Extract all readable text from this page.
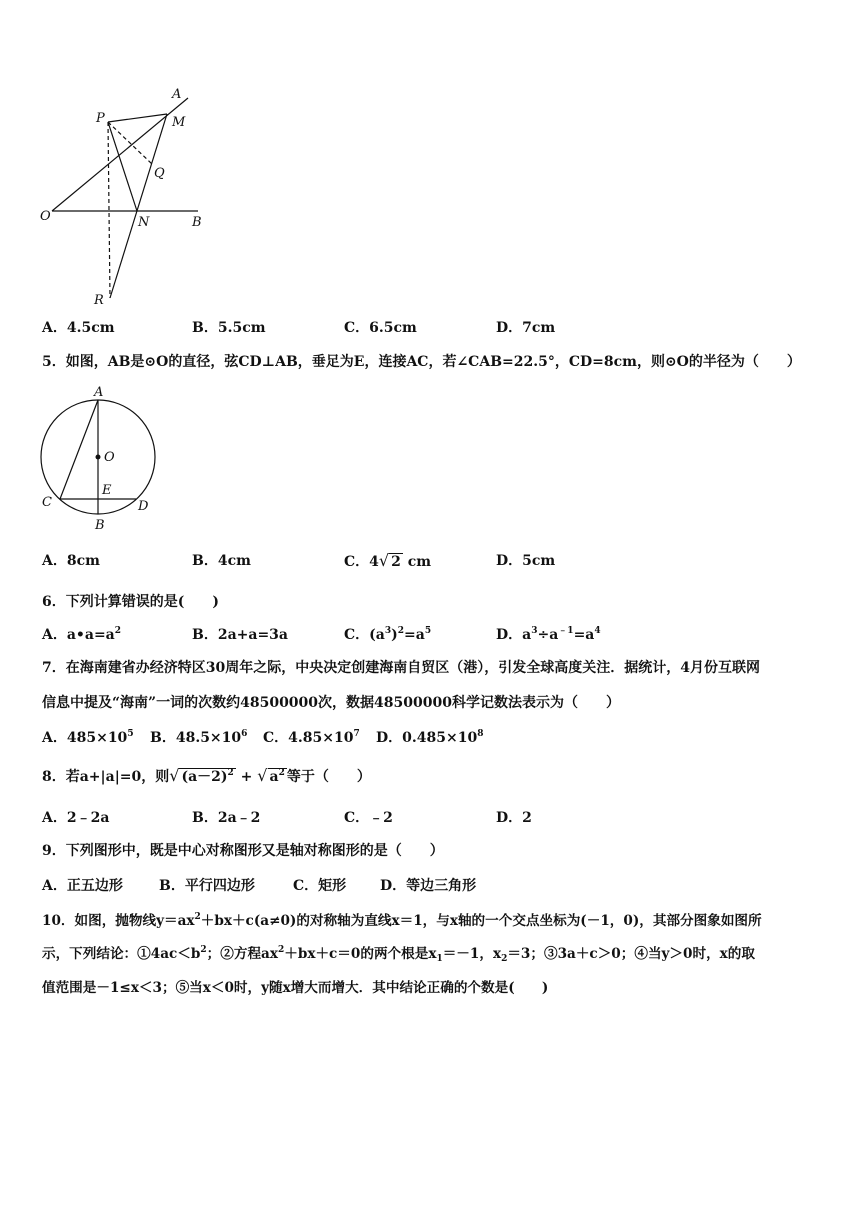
A
P	M
Q
O	N	B
R
A．4.5cm	B．5.5cm	C．6.5cm	D．7cm
5．如图，AB是⊙O的直径，弦CD⊥AB，垂足为E，连接AC，若∠CAB=22.5°，CD=8cm，则⊙O的半径为（　　）
A
O
E
C	D
B
A．8cm	B．4cm	C．4√ 2 cm	D．5cm
6．下列计算错误的是(　　)
A．$a•a=a^2$	B．2a+a=3a	C．$(a^3)^2=a^5$	D．$a^3\div a^{﹣1}=a^4$
7．在海南建省办经济特区30周年之际，中央决定创建海南自贸区（港），引发全球高度关注．据统计，4月份互联网
信息中提及“海南”一词的次数约48500000次，数据48500000科学记数法表示为（　　）
A．$485\times 10^5$ B．$48.5\times 10^6$ C．$4.85\times 10^7$ D．$0.485\times 10^8$
8．若a+|a|=0，则√ $(a-2)^2$ + √ $a^2$ 等于（　　）
A．2﹣2a	B．2a﹣2	C．﹣2	D．2
9．下列图形中，既是中心对称图形又是轴对称图形的是（　　）
A．正五边形	B．平行四边形	C．矩形 D．等边三角形
10．如图，抛物线$y=ax^2+bx+c(a\ne 0)$的对称轴为直线x＝1，与x轴的一个交点坐标为(－1，0)，其部分图象如图所
示，下列结论：$①4ac<b^2$；②方程$ax^2+bx+c=0$的两个根是$x_1=-1$，$x_2=3$；③3a＋c＞0；④当y＞0时，x的取
值范围是－1≤x＜3；⑤当x＜0时，y随x增大而增大．其中结论正确的个数是(　　)
